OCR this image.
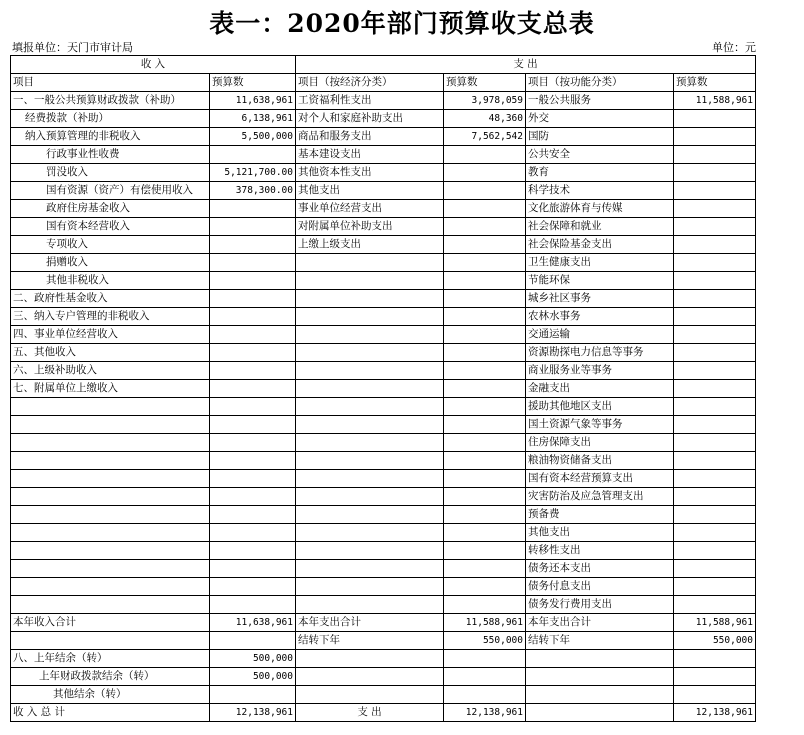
表一：2020年部门预算收支总表
填报单位：天门市审计局	单位：元
收 入		支 出			
项目	预算数	项目（按经济分类）	预算数	项目（按功能分类）	预算数
一、一般公共预算财政拨款（补助）	11,638,961	工资福利性支出	3,978,059	一般公共服务	11,588,961
经费拨款（补助）	6,138,961	对个人和家庭补助支出	48,360	外交	
纳入预算管理的非税收入	5,500,000	商品和服务支出	7,562,542	国防	
行政事业性收费		基本建设支出		公共安全	
罚没收入	5,121,700.00	其他资本性支出		教育	
国有资源（资产）有偿使用收入	378,300.00	其他支出		科学技术	
政府住房基金收入		事业单位经营支出		文化旅游体育与传媒	
国有资本经营收入		对附属单位补助支出		社会保障和就业	
专项收入		上缴上级支出		社会保险基金支出	
捐赠收入				卫生健康支出	
其他非税收入				节能环保	
二、政府性基金收入				城乡社区事务	
三、纳入专户管理的非税收入				农林水事务	
四、事业单位经营收入				交通运输	
五、其他收入				资源勘探电力信息等事务	
六、上级补助收入				商业服务业等事务	
七、附属单位上缴收入				金融支出	
				援助其他地区支出	
				国土资源气象等事务	
				住房保障支出	
				粮油物资储备支出	
				国有资本经营预算支出	
				灾害防治及应急管理支出	
				预备费	
				其他支出	
				转移性支出	
				债务还本支出	
				债务付息支出	
				债务发行费用支出	
本年收入合计	11,638,961	本年支出合计	11,588,961	本年支出合计	11,588,961
		结转下年	550,000	结转下年	550,000
八、上年结余（转）	500,000				
上年财政拨款结余（转）	500,000				
其他结余（转）					
收 入 总 计	12,138,961	支 出	12,138,961		12,138,961
